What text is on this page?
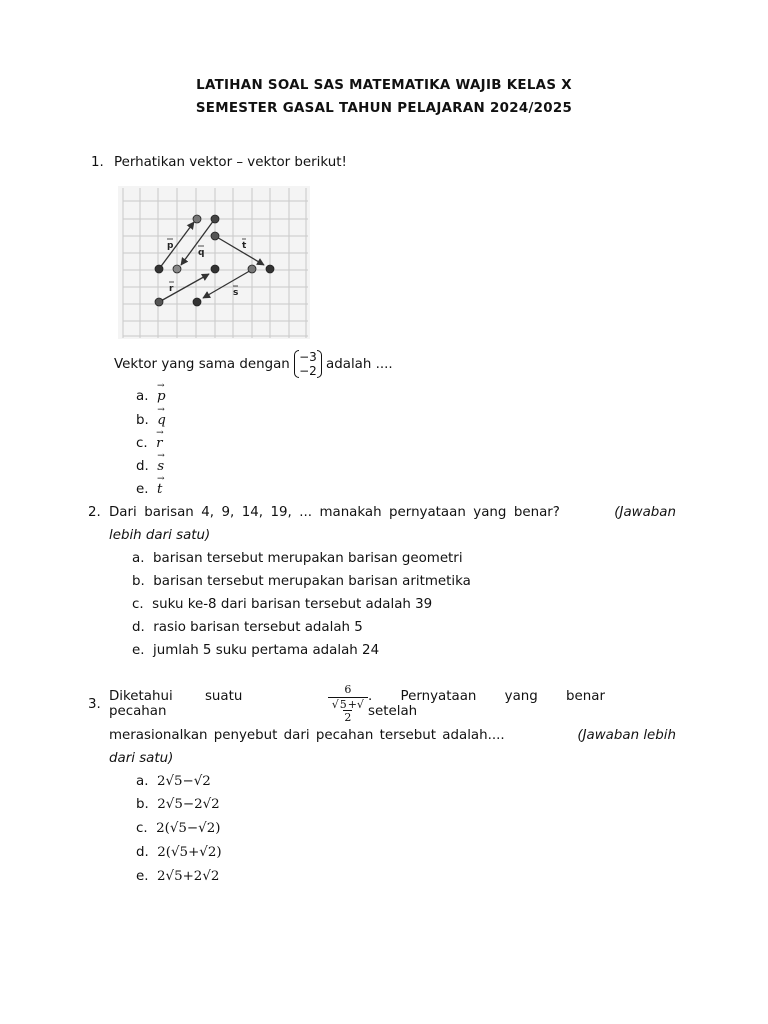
LATIHAN SOAL SAS MATEMATIKA WAJIB KELAS X
SEMESTER GASAL TAHUN PELAJARAN 2024/2025
1. Perhatikan vektor – vektor berikut!
p
q
t
r	s
Vektor yang sama dengan −3
−2 adalah ....
a. → p
b. → q
c. → r
d. → s
e. → t
2. Dari barisan 4, 9, 14, 19, ... manakah pernyataan yang benar?	(Jawaban
lebih dari satu)
a. barisan tersebut merupakan barisan geometri
b. barisan tersebut merupakan barisan aritmetika
c. suku ke-8 dari barisan tersebut adalah 39
d. rasio barisan tersebut adalah 5
e. jumlah 5 suku pertama adalah 24
3.
Diketahui suatu pecahan	$\frac{6}{√5+√2}$ . Pernyataan yang benar setelah
merasionalkan penyebut dari pecahan tersebut adalah....	(Jawaban lebih
dari satu)
a. 2√5−√2
b. 2√5−2√2
c. 2(√5−√2)
d. 2(√5+√2)
e. 2√5+2√2
